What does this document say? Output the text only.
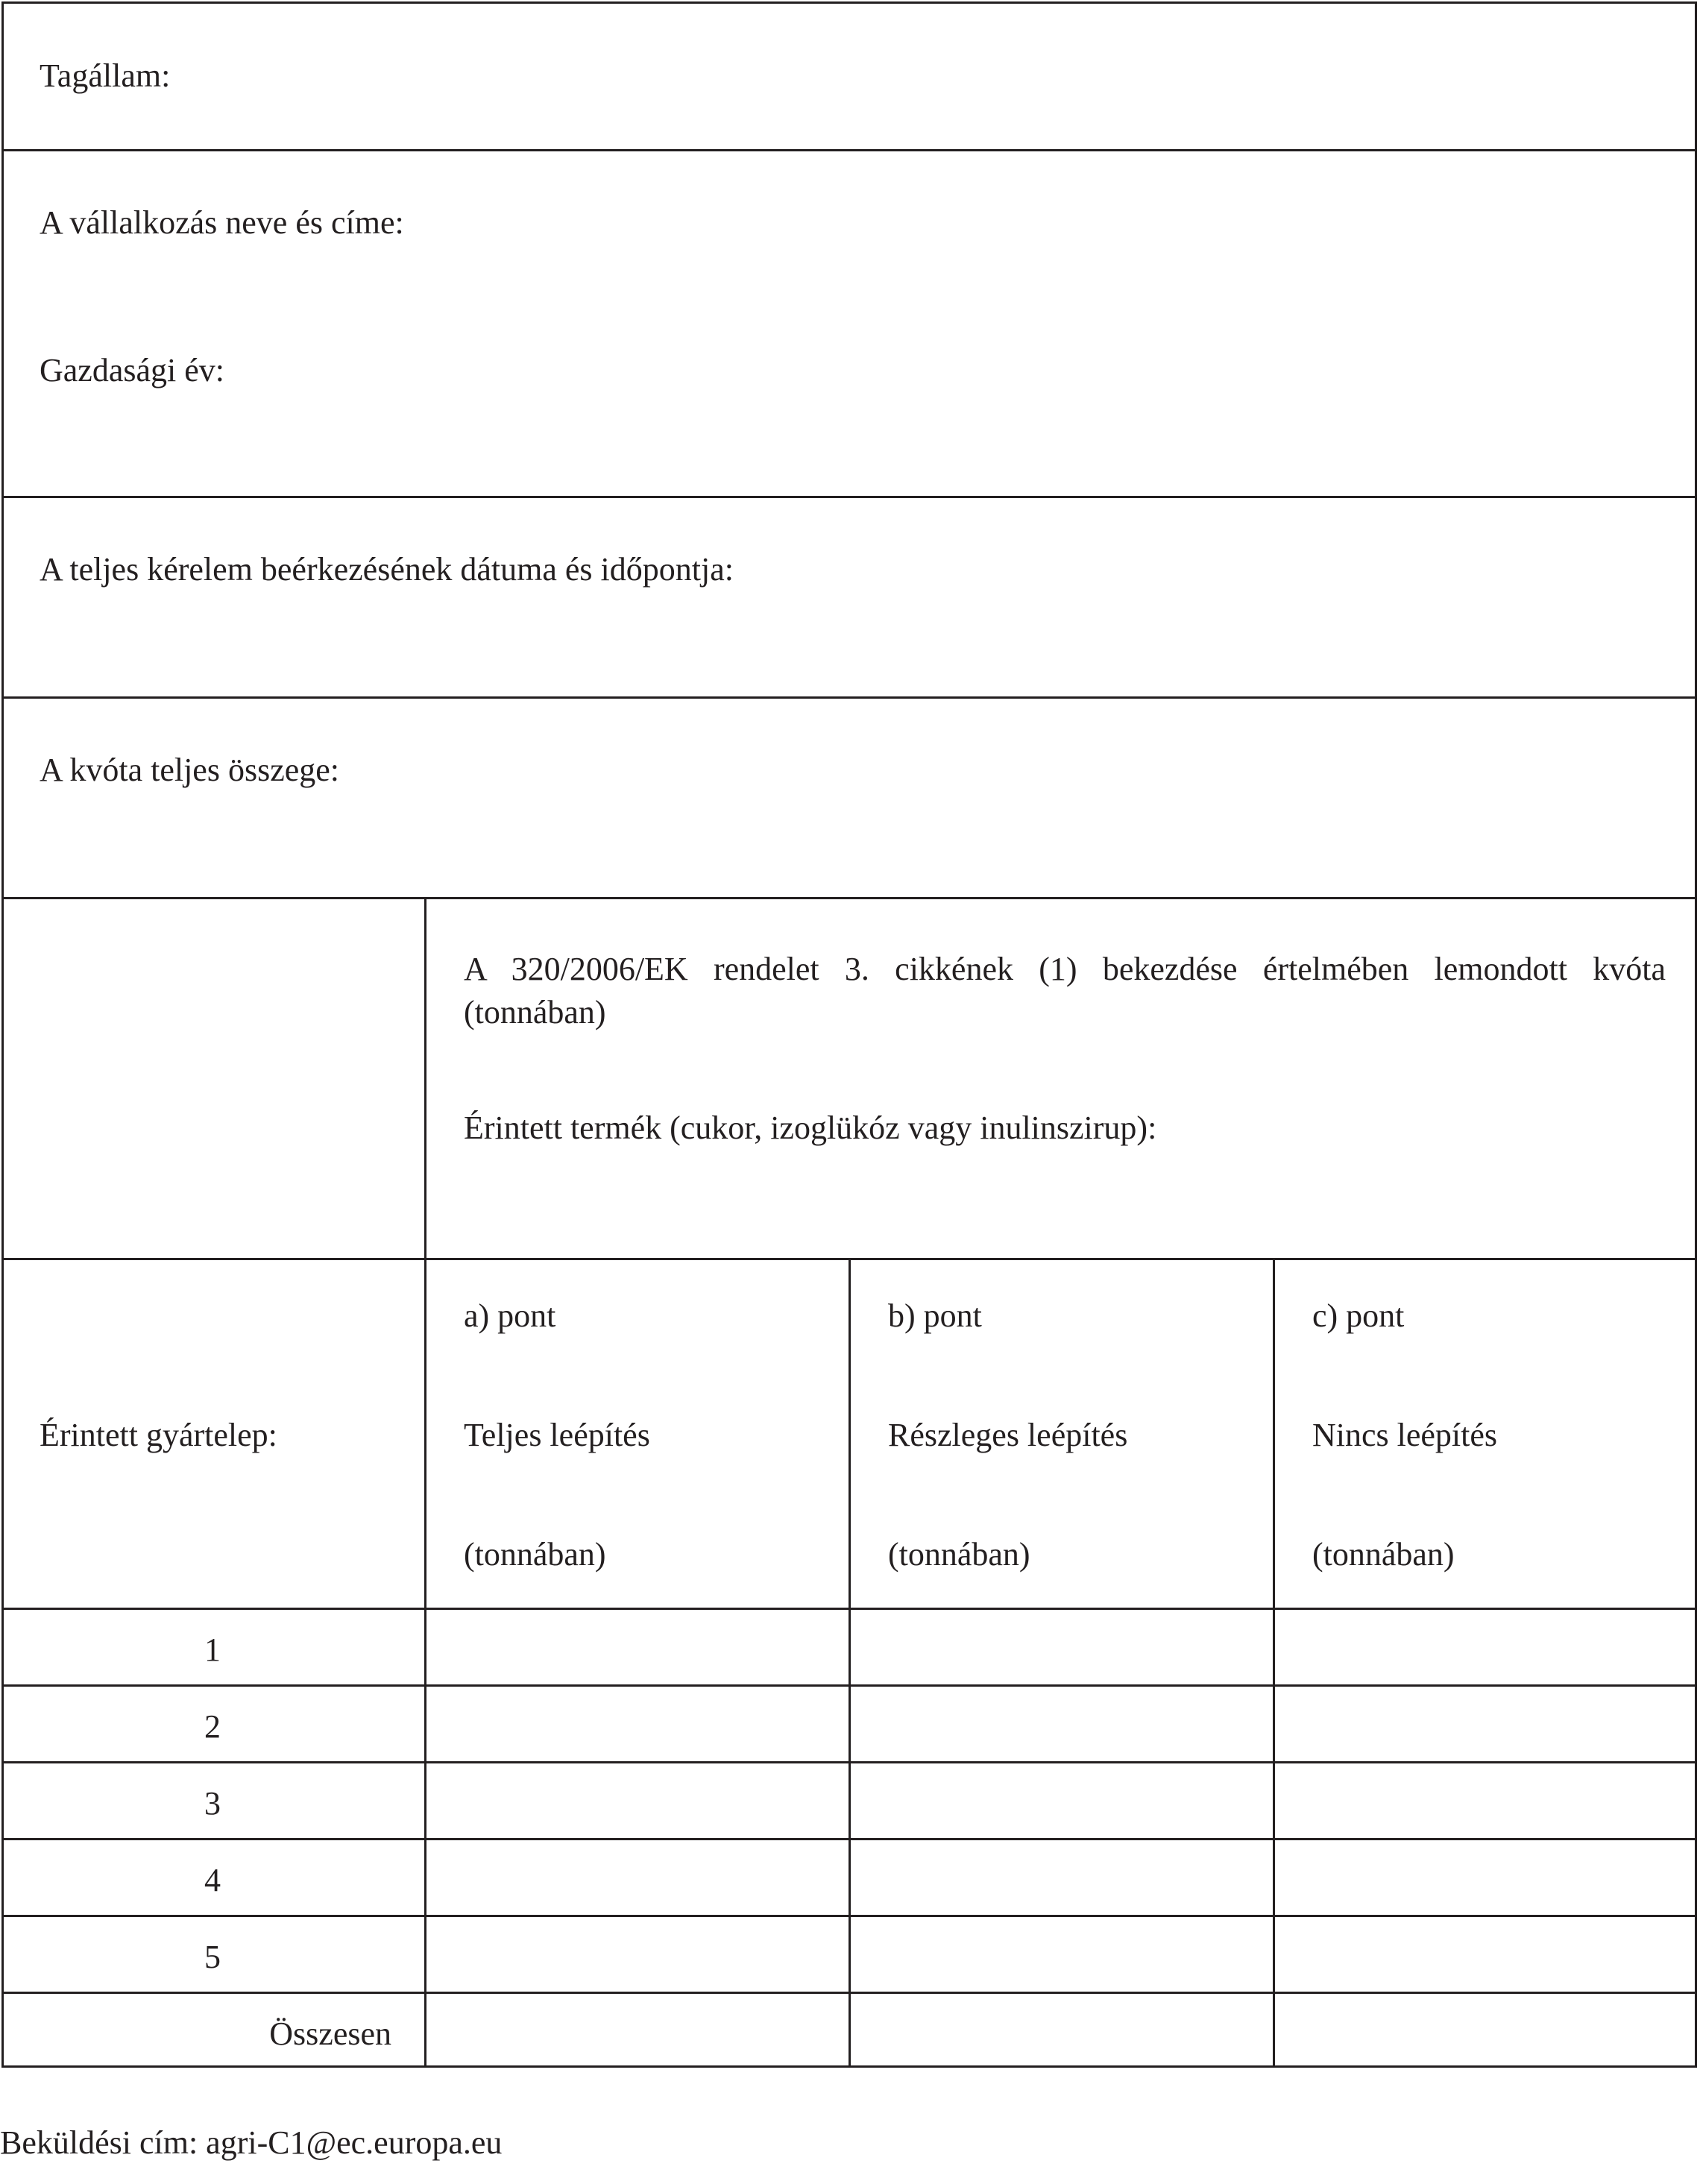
Tagállam:
A vállalkozás neve és címe:
Gazdasági év:
A teljes kérelem beérkezésének dátuma és időpontja:
A kvóta teljes összege:
A 320/2006/EK rendelet 3. cikkének (1) bekezdése értelmében lemondott kvóta
(tonnában)
Érintett termék (cukor, izoglükóz vagy inulinszirup):
Érintett gyártelep:
a) pont
Teljes leépítés
(tonnában)
b) pont
Részleges leépítés
(tonnában)
c) pont
Nincs leépítés
(tonnában)
1
2
3
4
5
Összesen
Beküldési cím: agri-C1@ec.europa.eu
